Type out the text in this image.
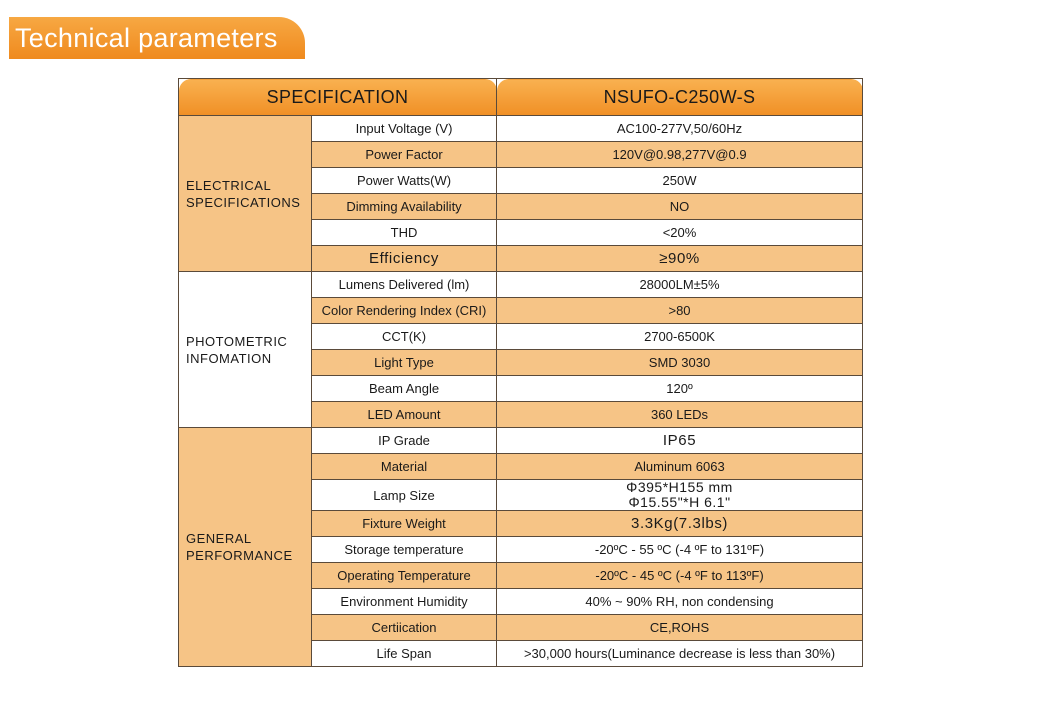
Technical parameters
SPECIFICATION		NSUFO-C250W-S
ELECTRICAL
SPECIFICATIONS	Input Voltage (V)	AC100-277V,50/60Hz
	Power Factor	120V@0.98,277V@0.9
	Power Watts(W)	250W
	Dimming Availability	NO
	THD	<20%
	Efficiency	≥90%
PHOTOMETRIC
INFOMATION	Lumens Delivered (lm)	28000LM±5%
	Color Rendering Index (CRI)	>80
	CCT(K)	2700-6500K
	Light Type	SMD 3030
	Beam Angle	120º
	LED Amount	360 LEDs
GENERAL
PERFORMANCE	IP Grade	IP65
	Material	Aluminum 6063
	Lamp Size	Φ395*H155 mm
Φ15.55"*H 6.1"
	Fixture Weight	3.3Kg(7.3lbs)
	Storage temperature	-20ºC - 55 ºC (-4 ºF to 131ºF)
	Operating Temperature	-20ºC - 45 ºC (-4 ºF to 113ºF)
	Environment Humidity	40% ~ 90% RH, non condensing
	Certiication	CE,ROHS
	Life Span	>30,000 hours(Luminance decrease is less than 30%)
